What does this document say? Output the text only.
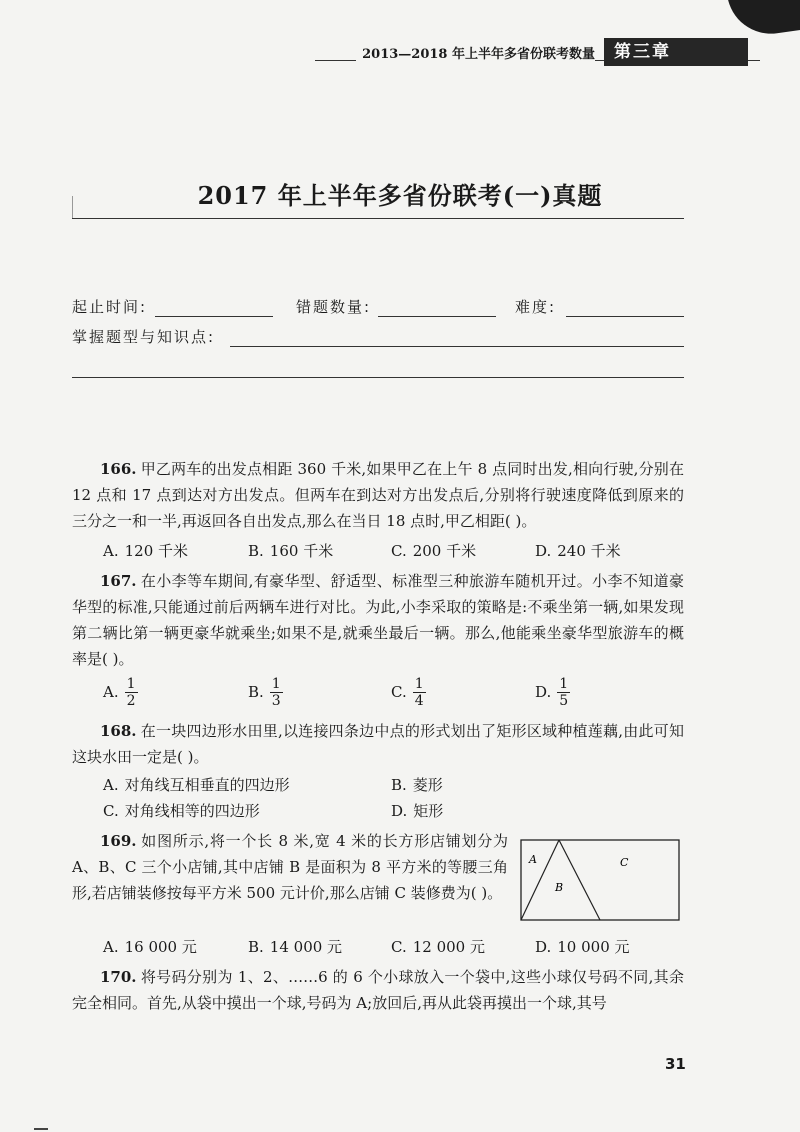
2013—2018 年上半年多省份联考数量	第三章
2017 年上半年多省份联考(一)真题
起止时间:	错题数量:	难度:
掌握题型与知识点:
166. 甲乙两车的出发点相距 360 千米,如果甲乙在上午 8 点同时出发,相向行驶,分别在 12 点和 17 点到达对方出发点。但两车在到达对方出发点后,分别将行驶速度降低到原来的三分之一和一半,再返回各自出发点,那么在当日 18 点时,甲乙相距( )。
A. 120 千米	B. 160 千米	C. 200 千米	D. 240 千米
167. 在小李等车期间,有豪华型、舒适型、标准型三种旅游车随机开过。小李不知道豪华型的标准,只能通过前后两辆车进行对比。为此,小李采取的策略是:不乘坐第一辆,如果发现第二辆比第一辆更豪华就乘坐;如果不是,就乘坐最后一辆。那么,他能乘坐豪华型旅游车的概率是( )。
A. $\frac{1}{2}$	B. $\frac{1}{3}$	C. $\frac{1}{4}$	D. $\frac{1}{5}$
168. 在一块四边形水田里,以连接四条边中点的形式划出了矩形区域种植莲藕,由此可知这块水田一定是( )。
A. 对角线互相垂直的四边形	B. 菱形
C. 对角线相等的四边形	D. 矩形
169. 如图所示,将一个长 8 米,宽 4 米的长方形店铺划分为 A、B、C 三个小店铺,其中店铺 B 是面积为 8 平方米的等腰三角形,若店铺装修按每平方米 500 元计价,那么店铺 C 装修费为( )。
A
B
C
A. 16 000 元	B. 14 000 元	C. 12 000 元	D. 10 000 元
170. 将号码分别为 1、2、……6 的 6 个小球放入一个袋中,这些小球仅号码不同,其余完全相同。首先,从袋中摸出一个球,号码为 A;放回后,再从此袋再摸出一个球,其号
31
